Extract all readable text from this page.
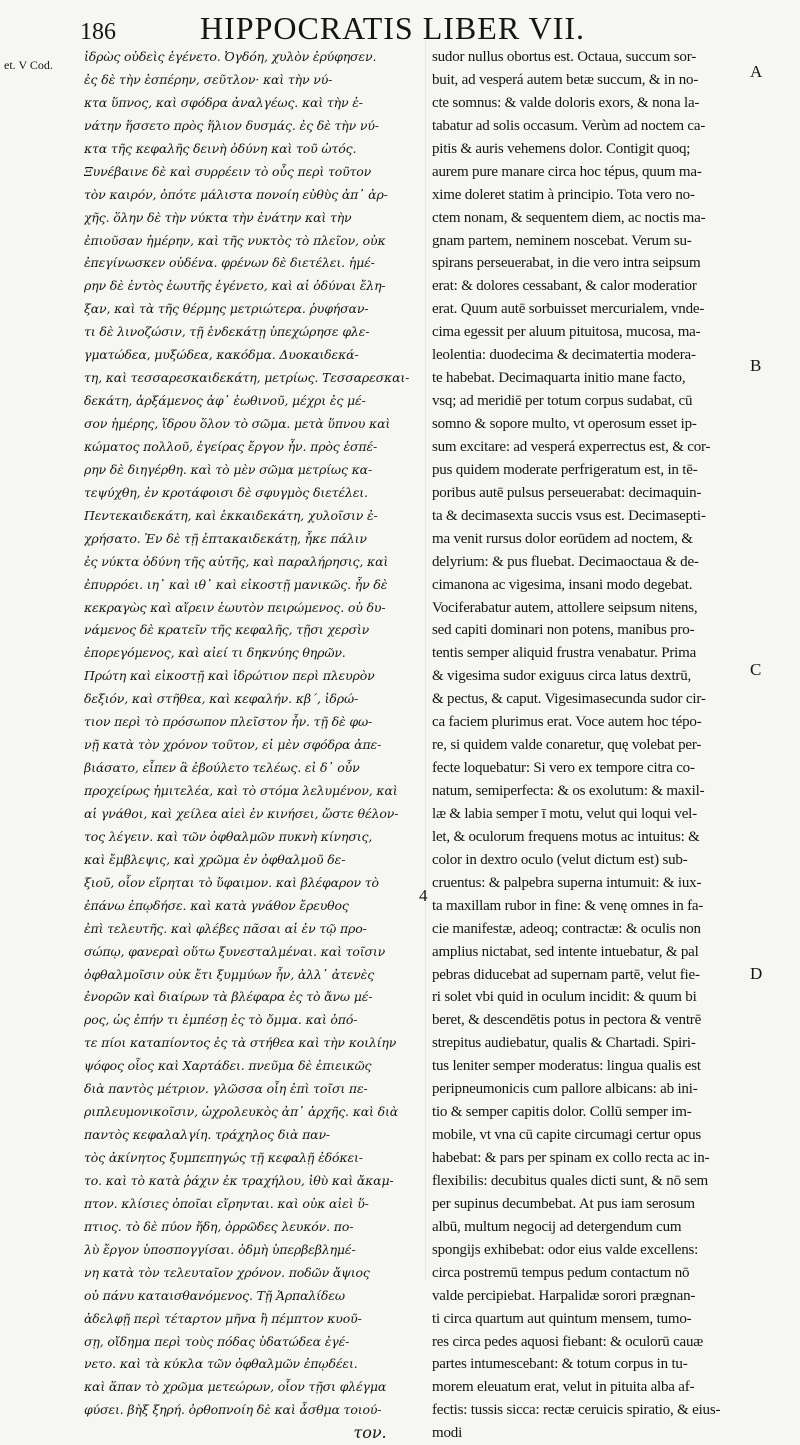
186	HIPPOCRATIS LIBER VII.
et. V Cod.
ἰδρὼς οὐδεὶς ἐγένετο. Ὀγδόη, χυλὸν ἐρύφησεν.
ἐς δὲ τὴν ἑσπέρην, σεῦτλον· καὶ τὴν νύ-
κτα ὕπνος, καὶ σφόδρα ἀναλγέως. καὶ τὴν ἐ-
νάτην ἥσσετο πρὸς ἥλιον δυσμάς. ἐς δὲ τὴν νύ-
κτα τῆς κεφαλῆς δεινὴ ὀδύνη καὶ τοῦ ὠτός.
Ξυνέβαινε δὲ καὶ συρρέειν τὸ οὖς περὶ τοῦτον
τὸν καιρόν, ὁπότε μάλιστα πονοίη εὐθὺς ἀπ᾽ ἀρ-
χῆς. ὅλην δὲ τὴν νύκτα τὴν ἐνάτην καὶ τὴν
ἐπιοῦσαν ἡμέρην, καὶ τῆς νυκτὸς τὸ πλεῖον, οὐκ
ἐπεγίνωσκεν οὐδένα. φρένων δὲ διετέλει. ἡμέ-
ρην δὲ ἐντὸς ἑωυτῆς ἐγένετο, καὶ αἱ ὀδύναι ἔλη-
ξαν, καὶ τὰ τῆς θέρμης μετριώτερα. ῥυφήσαν-
τι δὲ λινοζώσιν, τῇ ἑνδεκάτῃ ὑπεχώρησε φλε-
γματώδεα, μυξώδεα, κακόδμα. Δυοκαιδεκά-
τη, καὶ τεσσαρεσκαιδεκάτη, μετρίως. Τεσσαρεσκαι-
δεκάτη, ἀρξάμενος ἀφ᾽ ἑωθινοῦ, μέχρι ἐς μέ-
σον ἡμέρης, ἵδρου ὅλον τὸ σῶμα. μετὰ ὕπνου καὶ
κώματος πολλοῦ, ἐγείρας ἔργον ἦν. πρὸς ἑσπέ-
ρην δὲ διηγέρθη. καὶ τὸ μὲν σῶμα μετρίως κα-
τεψύχθη, ἐν κροτάφοισι δὲ σφυγμὸς διετέλει.
Πεντεκαιδεκάτη, καὶ ἑκκαιδεκάτη, χυλοῖσιν ἐ-
χρήσατο. Ἐν δὲ τῇ ἑπτακαιδεκάτῃ, ἧκε πάλιν
ἐς νύκτα ὀδύνη τῆς αὐτῆς, καὶ παραλήρησις, καὶ
ἐπυρρόει. ιη᾽ καὶ ιθ᾽ καὶ εἰκοστῇ μανικῶς. ἦν δὲ
κεκραγὼς καὶ αἴρειν ἑωυτὸν πειρώμενος. οὐ δυ-
νάμενος δὲ κρατεῖν τῆς κεφαλῆς, τῇσι χερσὶν
ἐπορεγόμενος, καὶ αἰεί τι δηκνύης θηρῶν.
Πρώτη καὶ εἰκοστῇ καὶ ἱδρώτιον περὶ πλευρὸν
δεξιόν, καὶ στῆθεα, καὶ κεφαλήν. κβ΄, ἱδρώ-
τιον περὶ τὸ πρόσωπον πλεῖστον ἦν. τῇ δὲ φω-
νῇ κατὰ τὸν χρόνον τοῦτον, εἰ μὲν σφόδρα ἀπε-
βιάσατο, εἶπεν ἃ ἐβούλετο τελέως. εἰ δ᾽ οὖν
προχείρως ἡμιτελέα, καὶ τὸ στόμα λελυμένον, καὶ
αἱ γνάθοι, καὶ χείλεα αἰεὶ ἐν κινήσει, ὥστε θέλον-
τος λέγειν. καὶ τῶν ὀφθαλμῶν πυκνὴ κίνησις,
καὶ ἔμβλεψις, καὶ χρῶμα ἐν ὀφθαλμοῦ δε-
ξιοῦ, οἷον εἴρηται τὸ ὕφαιμον. καὶ βλέφαρον τὸ
ἐπάνω ἐπῳδήσε. καὶ κατὰ γνάθον ἔρευθος
ἐπὶ τελευτῆς. καὶ φλέβες πᾶσαι αἱ ἐν τῷ προ-
σώπῳ, φανεραὶ οὕτω ξυνεσταλμέναι. καὶ τοῖσιν
ὀφθαλμοῖσιν οὐκ ἔτι ξυμμύων ἦν, ἀλλ᾽ ἀτενὲς
ἐνορῶν καὶ διαίρων τὰ βλέφαρα ἐς τὸ ἄνω μέ-
ρος, ὡς ἐπήν τι ἐμπέσῃ ἐς τὸ ὄμμα. καὶ ὁπό-
τε πίοι καταπίοντος ἐς τὰ στήθεα καὶ τὴν κοιλίην
ψόφος οἷος καὶ Χαρτάδει. πνεῦμα δὲ ἐπιεικῶς
διὰ παντὸς μέτριον. γλῶσσα οἷη ἐπὶ τοῖσι πε-
ριπλευμονικοῖσιν, ὠχρολευκὸς ἀπ᾽ ἀρχῆς. καὶ διὰ
παντὸς κεφαλαλγίη. τράχηλος διὰ παν-
τὸς ἀκίνητος ξυμπεπηγώς τῇ κεφαλῇ ἐδόκει-
το. καὶ τὸ κατὰ ῥάχιν ἐκ τραχήλου, ἰθὺ καὶ ἄκαμ-
πτον. κλίσιες ὁποῖαι εἴρηνται. καὶ οὐκ αἰεὶ ὕ-
πτιος. τὸ δὲ πύον ἤδη, ὀρρῶδες λευκόν. πο-
λὺ ἔργον ὑποσπογγίσαι. ὀδμὴ ὑπερβεβλημέ-
νη κατὰ τὸν τελευταῖον χρόνον. ποδῶν ἄψιος
οὐ πάνυ καταισθανόμενος. Τῇ Ἁρπαλίδεω
ἀδελφῇ περὶ τέταρτον μῆνα ἢ πέμπτον κυοῦ-
σῃ, οἴδημα περὶ τοὺς πόδας ὑδατώδεα ἐγέ-
νετο. καὶ τὰ κύκλα τῶν ὀφθαλμῶν ἐπῳδέει.
καὶ ἅπαν τὸ χρῶμα μετεώρων, οἷον τῇσι φλέγμα
φύσει. βὴξ ξηρή. ὀρθοπνοίη δὲ καὶ ἆσθμα τοιού-
sudor nullus obortus est. Octaua, succum sor-
buit, ad vesperá autem betæ succum, & in no-
cte somnus: & valde doloris exors, & nona la-
tabatur ad solis occasum. Verùm ad noctem ca-
pitis & auris vehemens dolor. Contigit quoq;
aurem pure manare circa hoc tépus, quum ma-
xime doleret statim à principio. Tota vero no-
ctem nonam, & sequentem diem, ac noctis ma-
gnam partem, neminem noscebat. Verum su-
spirans perseuerabat, in die vero intra seipsum
erat: & dolores cessabant, & calor moderatior
erat. Quum autē sorbuisset mercurialem, vnde-
cima egessit per aluum pituitosa, mucosa, ma-
leolentia: duodecima & decimatertia modera-
te habebat. Decimaquarta initio mane facto,
vsq; ad meridiē per totum corpus sudabat, cū
somno & sopore multo, vt operosum esset ip-
sum excitare: ad vesperá experrectus est, & cor-
pus quidem moderate perfrigeratum est, in tē-
poribus autē pulsus perseuerabat: decimaquin-
ta & decimasexta succis vsus est. Decimasepti-
ma venit rursus dolor eorūdem ad noctem, &
delyrium: & pus fluebat. Decimaoctaua & de-
cimanona ac vigesima, insani modo degebat.
Vociferabatur autem, attollere seipsum nitens,
sed capiti dominari non potens, manibus pro-
tentis semper aliquid frustra venabatur. Prima
& vigesima sudor exiguus circa latus dextrū,
& pectus, & caput. Vigesimasecunda sudor cir-
ca faciem plurimus erat. Voce autem hoc tépo-
re, si quidem valde conaretur, quę volebat per-
fecte loquebatur: Si vero ex tempore citra co-
natum, semiperfecta: & os exolutum: & maxil-
læ & labia semper ī motu, velut qui loqui vel-
let, & oculorum frequens motus ac intuitus: &
color in dextro oculo (velut dictum est) sub-
cruentus: & palpebra superna intumuit: & iux-
ta maxillam rubor in fine: & venę omnes in fa-
cie manifestæ, adeoq; contractæ: & oculis non
amplius nictabat, sed intente intuebatur, & pal
pebras diducebat ad supernam partē, velut fie-
ri solet vbi quid in oculum incidit: & quum bi
beret, & descendētis potus in pectora & ventrē
strepitus audiebatur, qualis & Chartadi. Spiri-
tus leniter semper moderatus: lingua qualis est
peripneumonicis cum pallore albicans: ab ini-
tio & semper capitis dolor. Collū semper im-
mobile, vt vna cū capite circumagi certur opus
habebat: & pars per spinam ex collo recta ac in-
flexibilis: decubitus quales dicti sunt, & nō sem
per supinus decumbebat. At pus iam serosum
albū, multum negocij ad detergendum cum
spongijs exhibebat: odor eius valde excellens:
circa postremū tempus pedum contactum nō
valde percipiebat. Harpalidæ sorori prægnan-
ti circa quartum aut quintum mensem, tumo-
res circa pedes aquosi fiebant: & oculorū cauæ
partes intumescebant: & totum corpus in tu-
morem eleuatum erat, velut in pituita alba af-
fectis: tussis sicca: rectæ ceruicis spiratio, & eius-
modi
A
B
C
D
4
τον.
